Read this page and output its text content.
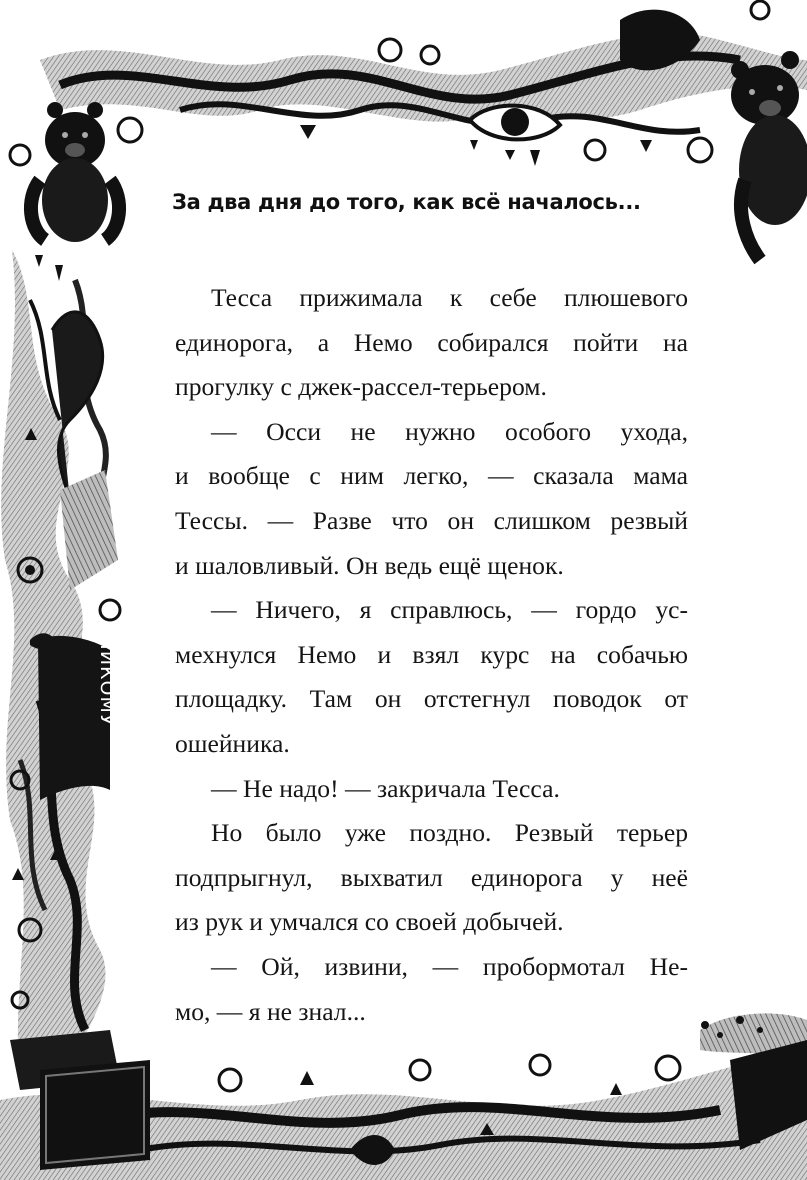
За два дня до того, как всё началось...
НИКОМУ
Тесса прижимала к себе плюшевого
единорога, а Немо собирался пойти на
прогулку с джек-рассел-терьером.
— Осси не нужно особого ухода,
и вообще с ним легко, — сказала мама
Тессы. — Разве что он слишком резвый
и шаловливый. Он ведь ещё щенок.
— Ничего, я справлюсь, — гордо ус-
мехнулся Немо и взял курс на собачью
площадку. Там он отстегнул поводок от
ошейника.
— Не надо! — закричала Тесса.
Но было уже поздно. Резвый терьер
подпрыгнул, выхватил единорога у неё
из рук и умчался со своей добычей.
— Ой, извини, — пробормотал Не-
мо, — я не знал...
